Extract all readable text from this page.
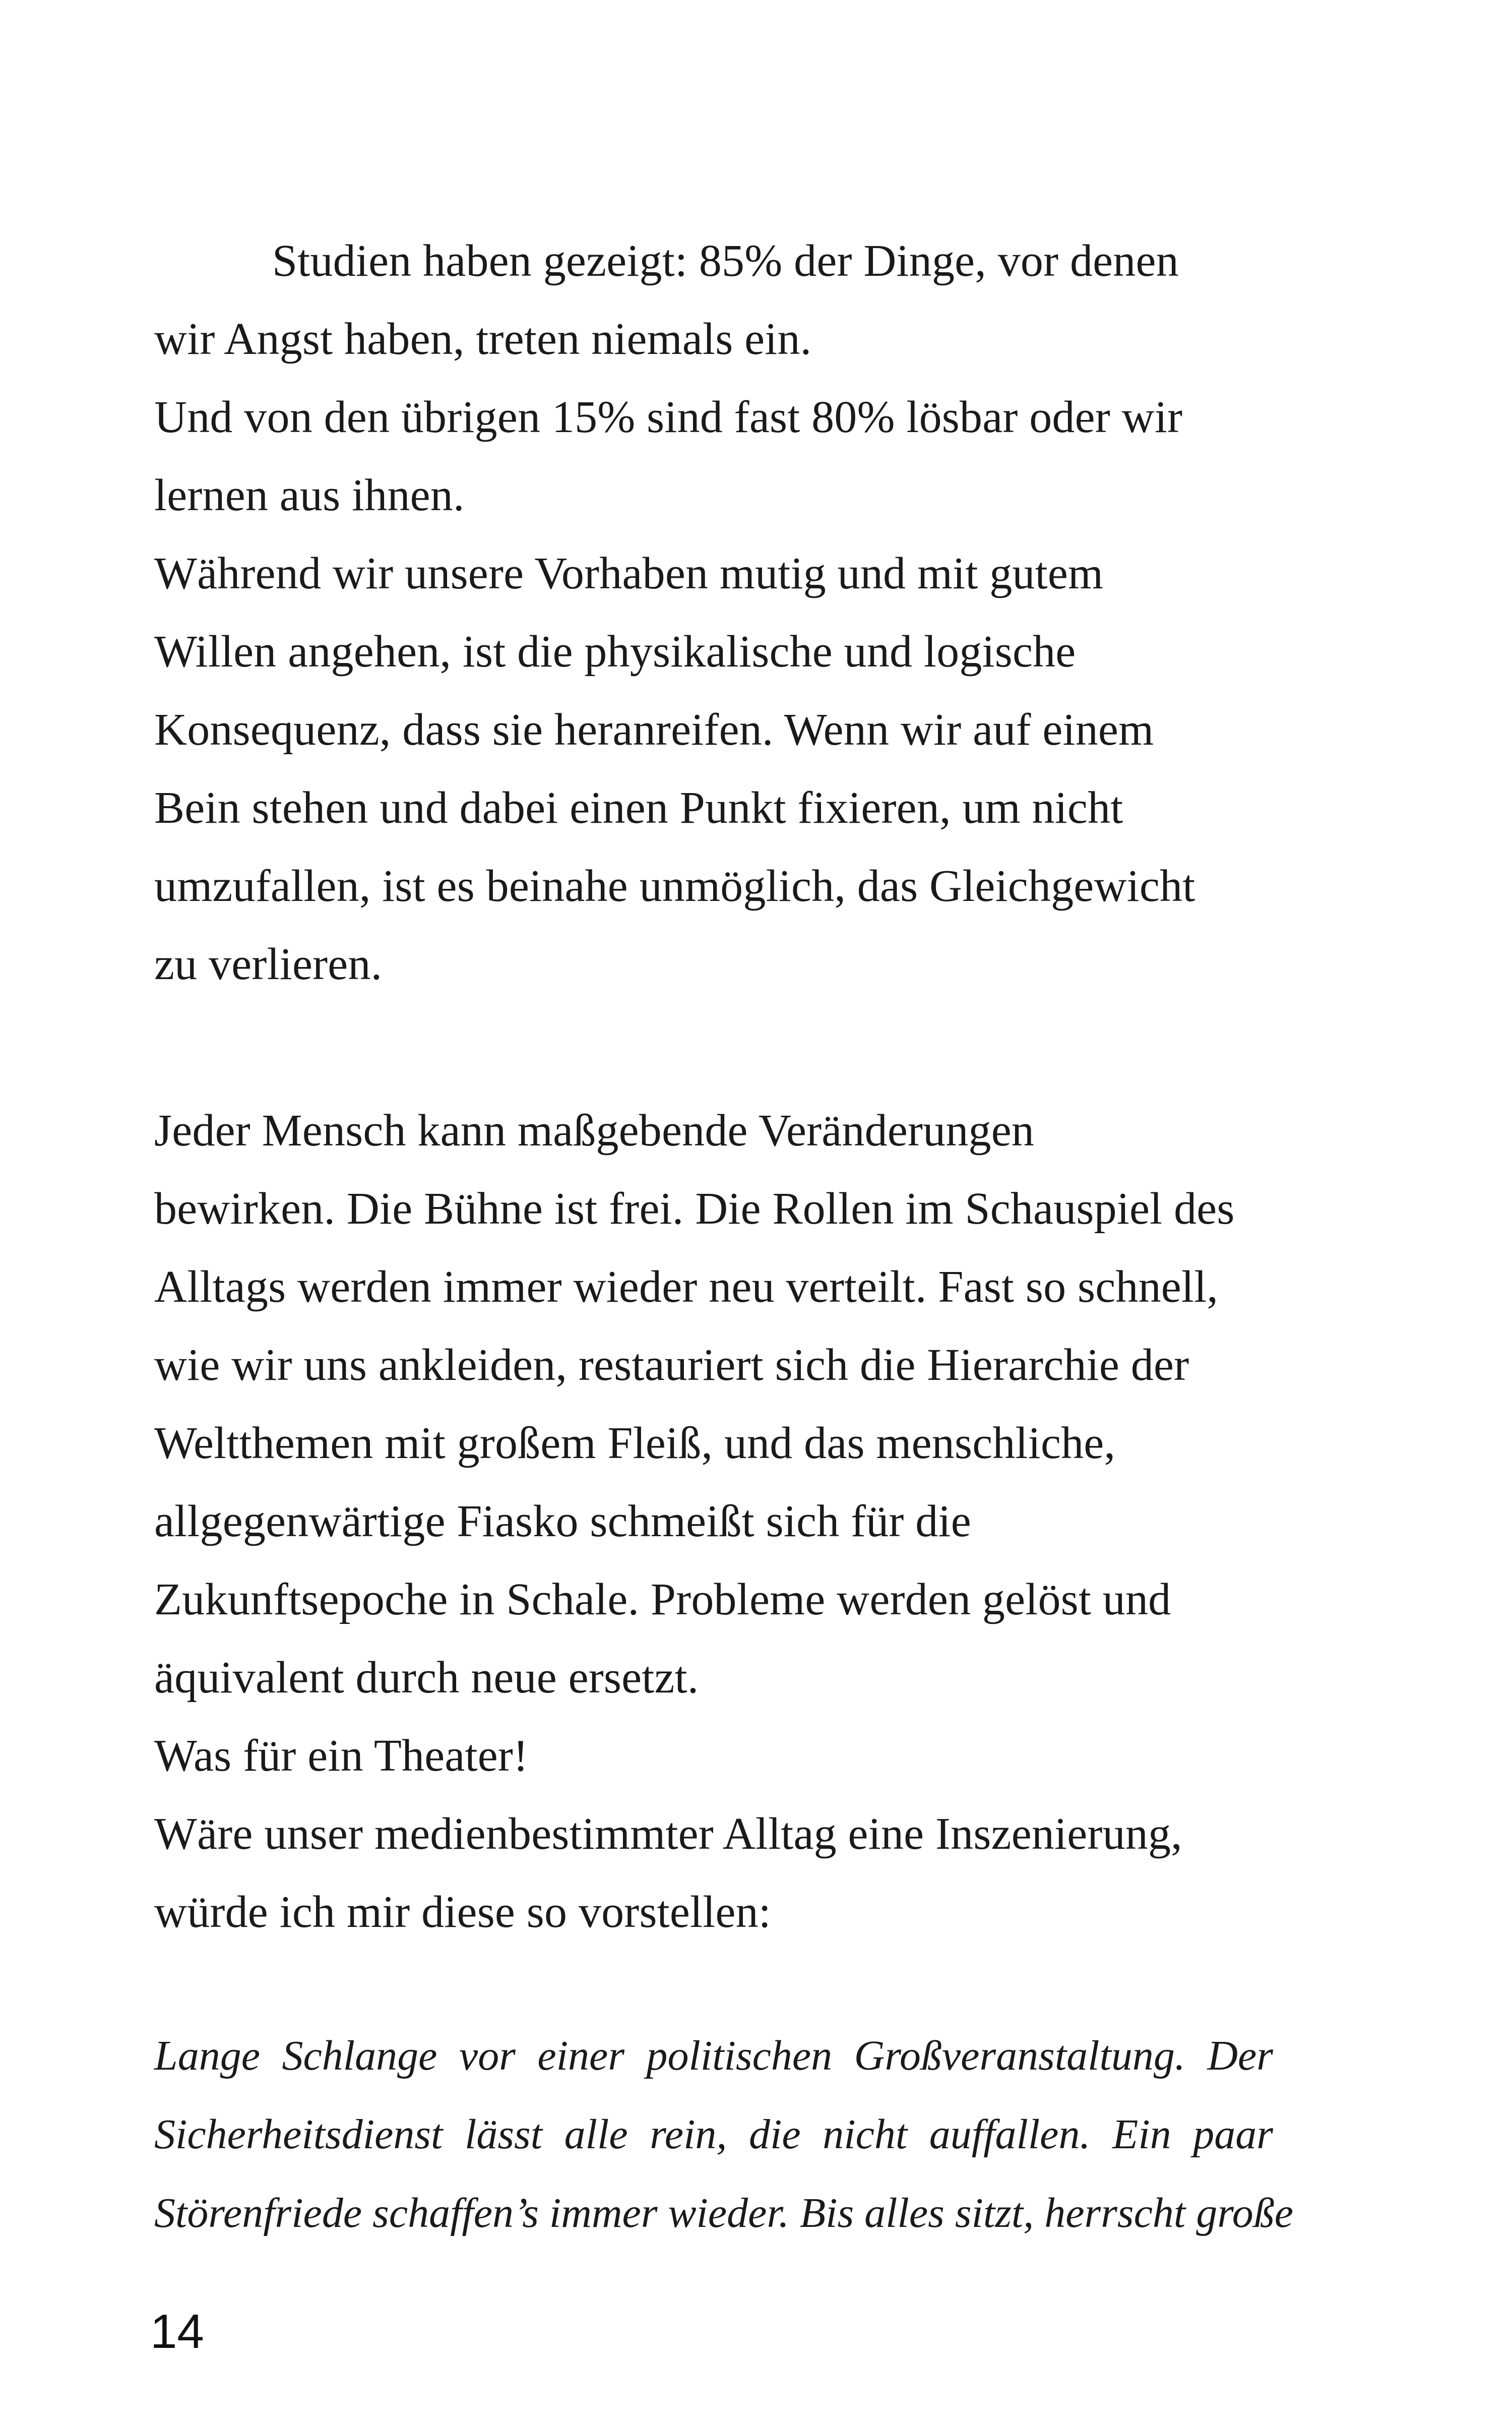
Studien haben gezeigt: 85% der Dinge, vor denen
wir Angst haben, treten niemals ein.
Und von den übrigen 15% sind fast 80% lösbar oder wir
lernen aus ihnen.
Während wir unsere Vorhaben mutig und mit gutem
Willen angehen, ist die physikalische und logische
Konsequenz, dass sie heranreifen. Wenn wir auf einem
Bein stehen und dabei einen Punkt fixieren, um nicht
umzufallen, ist es beinahe unmöglich, das Gleichgewicht
zu verlieren.
Jeder Mensch kann maßgebende Veränderungen
bewirken. Die Bühne ist frei. Die Rollen im Schauspiel des
Alltags werden immer wieder neu verteilt. Fast so schnell,
wie wir uns ankleiden, restauriert sich die Hierarchie der
Weltthemen mit großem Fleiß, und das menschliche,
allgegenwärtige Fiasko schmeißt sich für die
Zukunftsepoche in Schale. Probleme werden gelöst und
äquivalent durch neue ersetzt.
Was für ein Theater!
Wäre unser medienbestimmter Alltag eine Inszenierung,
würde ich mir diese so vorstellen:
Lange Schlange vor einer politischen Großveranstaltung. Der
Sicherheitsdienst lässt alle rein, die nicht auffallen. Ein paar
Störenfriede schaffen’s immer wieder. Bis alles sitzt, herrscht große
14
